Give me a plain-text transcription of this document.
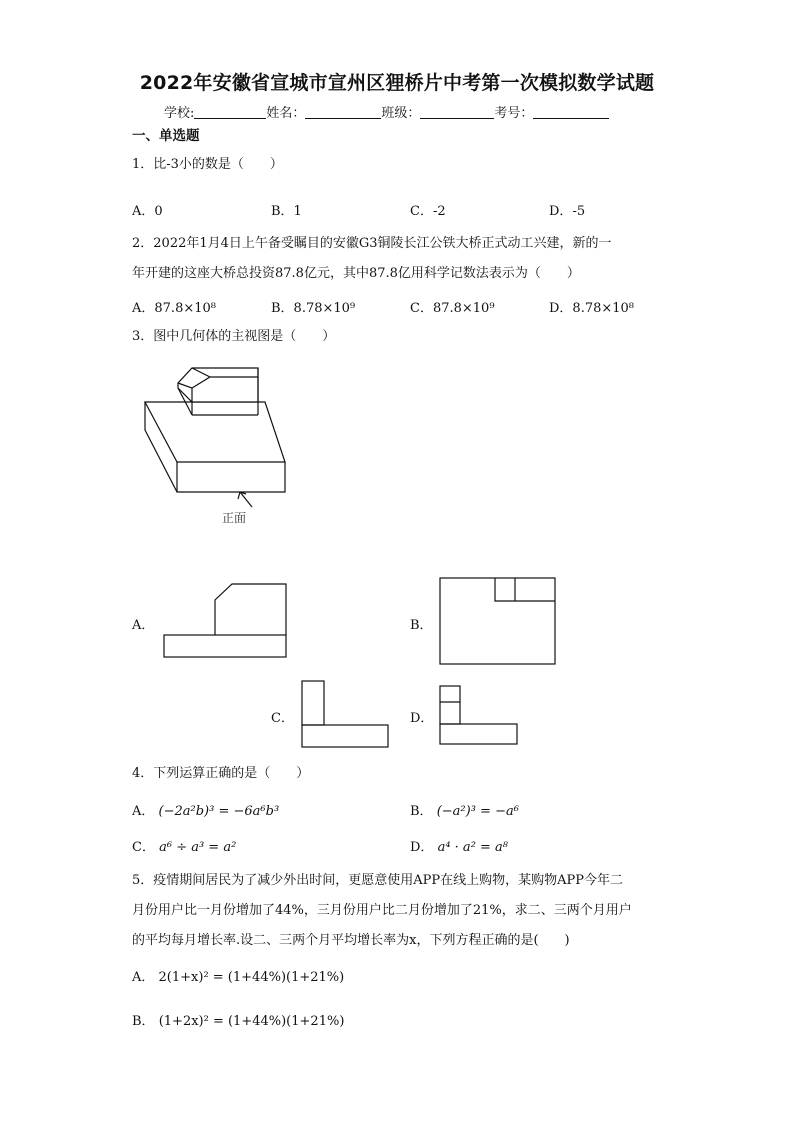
2022年安徽省宣城市宣州区狸桥片中考第一次模拟数学试题
学校:	姓名：	班级：	考号：
一、单选题
1．比-3小的数是（　　）
A．0	B．1	C．-2	D．-5
2．2022年1月4日上午备受瞩目的安徽G3铜陵长江公铁大桥正式动工兴建，新的一
年开建的这座大桥总投资87.8亿元，其中87.8亿用科学记数法表示为（　　）
A．87.8×10⁸	B．8.78×10⁹	C．87.8×10⁹	D．8.78×10⁸
3．图中几何体的主视图是（　　）
正面
A．	B．
C．	D．
4．下列运算正确的是（　　）
A． (−2a²b)³ = −6a⁶b³	B． (−a²)³ = −a⁶
C． a⁶ ÷ a³ = a²	D． a⁴ · a² = a⁸
5．疫情期间居民为了减少外出时间，更愿意使用APP在线上购物，某购物APP今年二
月份用户比一月份增加了44%，三月份用户比二月份增加了21%，求二、三两个月用户
的平均每月增长率.设二、三两个月平均增长率为x，下列方程正确的是(　　)
A． 2(1+x)² = (1+44%)(1+21%)
B． (1+2x)² = (1+44%)(1+21%)
